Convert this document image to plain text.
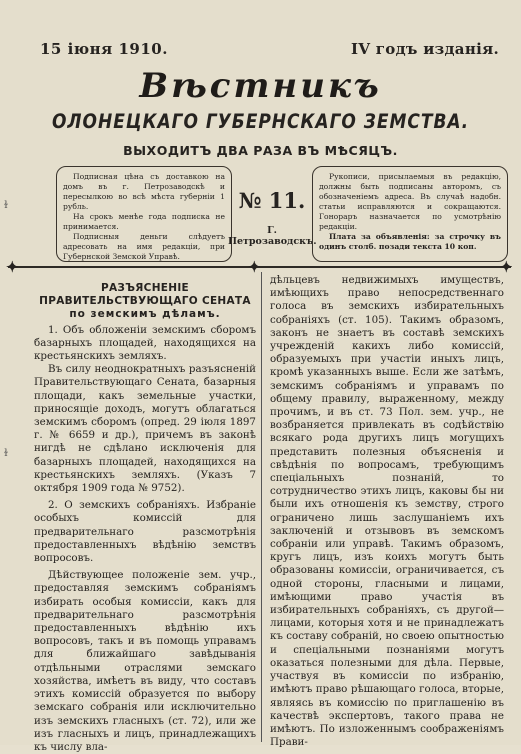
15 іюня 1910.	IV годъ изданія.
Вѣстникъ
ОЛОНЕЦКАГО ГУБЕРНСКАГО ЗЕМСТВА.
ВЫХОДИТЪ ДВА РАЗА ВЪ МѢСЯЦЪ.

Подписная цѣна съ доставкою на домъ въ г. Петрозаводскѣ и пересылкою во всѣ мѣста губерніи 1 рубль.

На срокъ менѣе года подписка не принимается.

Подписныя деньги слѣдуетъ адресовать на имя редакціи, при Губернской Земской Управѣ.

№ 11.
Г. Петрозаводскъ.

Рукописи, присылаемыя въ редакцію, должны быть подписаны авторомъ, съ обозначеніемъ адреса. Въ случаѣ надобн. статьи исправляются и сокращаются. Гонораръ назначается по усмотрѣнію редакціи.

Плата за объявленія: за строчку въ одинъ столб. позади текста 10 коп.

✦	✦	✦
ɫ
ɫ

РАЗЪЯСНЕНІЕ ПРАВИТЕЛЬСТВУЮЩАГО СЕНАТА

по земскимъ дѣламъ.

1. Объ обложеніи земскимъ сборомъ базарныхъ площадей, находящихся на крестьянскихъ земляхъ.

Въ силу неоднократныхъ разъясненій Правительствующаго Сената, базарныя площади, какъ земельные участки, приносящіе доходъ, могутъ облагаться земскимъ сборомъ (опред. 29 іюля 1897 г. № 6659 и др.), причемъ въ законѣ нигдѣ не сдѣлано исключенія для базарныхъ площадей, находящихся на крестьянскихъ земляхъ. (Указъ 7 октября 1909 года № 9752).

2. О земскихъ собраніяхъ. Избраніе особыхъ комиссій для предварительнаго разсмотрѣнія предоставленныхъ вѣдѣнію земствъ вопросовъ.

Дѣйствующее положеніе зем. учр., предоставляя земскимъ собраніямъ избирать особыя комиссіи, какъ для предварительнаго разсмотрѣнія предоставленныхъ вѣдѣнію ихъ вопросовъ, такъ и въ помощь управамъ для ближайшаго завѣдыванія отдѣльными отраслями земскаго хозяйства, имѣетъ въ виду, что составъ этихъ комиссій образуется по выбору земскаго собранія или исключительно изъ земскихъ гласныхъ (ст. 72), или же изъ гласныхъ и лицъ, принадлежащихъ къ числу вла-

дѣльцевъ недвижимыхъ имуществъ, имѣющихъ право непосредственнаго голоса въ земскихъ избирательныхъ собраніяхъ (ст. 105). Такимъ образомъ, законъ не знаетъ въ составѣ земскихъ учрежденій какихъ либо комиссій, образуемыхъ при участіи иныхъ лицъ, кромѣ указанныхъ выше. Если же затѣмъ, земскимъ собраніямъ и управамъ по общему правилу, выраженному, между прочимъ, и въ ст. 73 Пол. зем. учр., не возбраняется привлекать въ содѣйствію всякаго рода другихъ лицъ могущихъ представить полезныя объясненія и свѣдѣнія по вопросамъ, требующимъ спеціальныхъ познаній, то сотрудничество этихъ лицъ, каковы бы ни были ихъ отношенія къ земству, строго ограничено лишь заслушаніемъ ихъ заключеній и отзывовъ въ земскомъ собраніи или управѣ. Такимъ образомъ, кругъ лицъ, изъ коихъ могутъ быть образованы комиссіи, ограничивается, съ одной стороны, гласными и лицами, имѣющими право участія въ избирательныхъ собраніяхъ, съ другой—лицами, которыя хотя и не принадлежатъ къ составу собраній, но своею опытностью и спеціальными познаніями могутъ оказаться полезными для дѣла. Первые, участвуя въ комиссіи по избранію, имѣютъ право рѣшающаго голоса, вторые, являясь въ комиссію по приглашенію въ качествѣ экспертовъ, такого права не имѣютъ. По изложеннымъ соображеніямъ Прави-
